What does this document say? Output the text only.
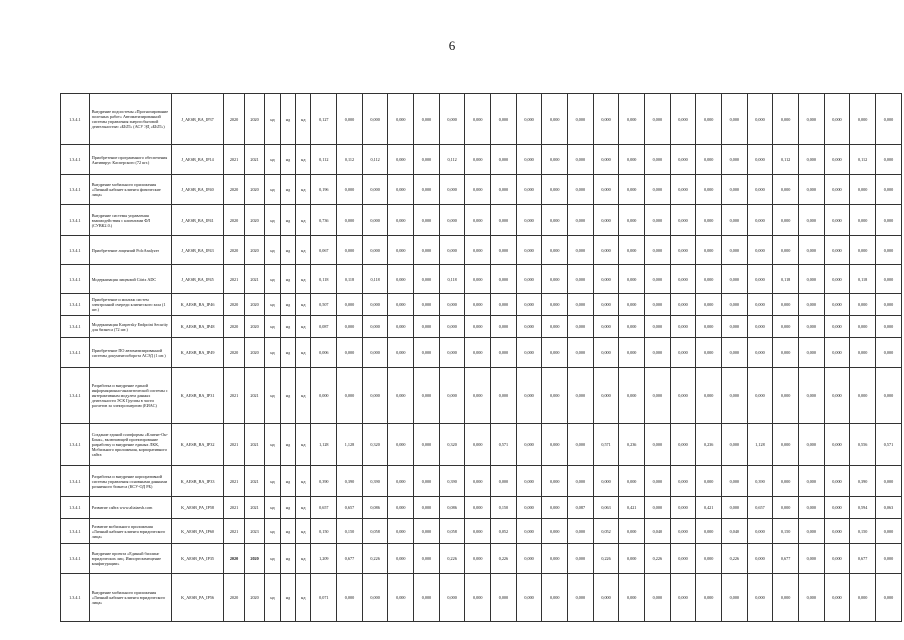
6
1.3.4.1	Внедрение подсистемы «Прогнозирование полезных работ» Автоматизированной системы управления энергосбытовой деятельностью «БЫТ» (АСУ ЭД «БЫТ»)	J_AESB_BA_IP37	2020	2020	нд	нд	нд	0,127	0,000	0,000	0,000	0,000	0,000	0,000	0,000	0,000	0,000	0,000	0,000	0,000	0,000	0,000	0,000	0,000	0,000	0,000	0,000	0,000	0,000	0,000
1.3.4.1	Приобретение программного обеспечения Антивирус Касперского (72 шт.)	J_AESB_BA_IP14	2021	2021	нд	нд	нд	0,112	0,112	0,112	0,000	0,000	0,112	0,000	0,000	0,000	0,000	0,000	0,000	0,000	0,000	0,000	0,000	0,000	0,000	0,112	0,000	0,000	0,112	0,000
1.3.4.1	Внедрение мобильного приложения «Личный кабинет клиента физические лица»	J_AESB_BA_IP40	2020	2020	нд	нд	нд	0,196	0,000	0,000	0,000	0,000	0,000	0,000	0,000	0,000	0,000	0,000	0,000	0,000	0,000	0,000	0,000	0,000	0,000	0,000	0,000	0,000	0,000	0,000
1.3.4.1	Внедрение системы управления взаимодействия с клиентами ФЛ (СУВК2.0.)	J_AESB_BA_IP41	2020	2020	нд	нд	нд	0,736	0,000	0,000	0,000	0,000	0,000	0,000	0,000	0,000	0,000	0,000	0,000	0,000	0,000	0,000	0,000	0,000	0,000	0,000	0,000	0,000	0,000	0,000
1.3.4.1	Приобретение лицензий PolcAnalyzer	J_AESB_BA_IP43	2020	2020	нд	нд	нд	0,067	0,000	0,000	0,000	0,000	0,000	0,000	0,000	0,000	0,000	0,000	0,000	0,000	0,000	0,000	0,000	0,000	0,000	0,000	0,000	0,000	0,000	0,000
1.3.4.1	Модернизация лицензий Citrix ADC	J_AESB_BA_IP45	2021	2021	нд	нд	нд	0,118	0,118	0,118	0,000	0,000	0,118	0,000	0,000	0,000	0,000	0,000	0,000	0,000	0,000	0,000	0,000	0,000	0,000	0,118	0,000	0,000	0,118	0,000
1.3.4.1	Приобретение и монтаж систем электронной очереди клиентского зала (1 шт.)	K_AESB_BA_IP46	2020	2020	нд	нд	нд	0,507	0,000	0,000	0,000	0,000	0,000	0,000	0,000	0,000	0,000	0,000	0,000	0,000	0,000	0,000	0,000	0,000	0,000	0,000	0,000	0,000	0,000	0,000
1.3.4.1	Модернизация Kaspersky Endpoint Security для бизнеса (72 шт.)	K_AESB_BA_IP48	2020	2020	нд	нд	нд	0,087	0,000	0,000	0,000	0,000	0,000	0,000	0,000	0,000	0,000	0,000	0,000	0,000	0,000	0,000	0,000	0,000	0,000	0,000	0,000	0,000	0,000	0,000
1.3.4.1	Приобретение ПО автоматизированной системы документооборота АСЭД (1 шт.)	K_AESB_BA_IP49	2020	2020	нд	нд	нд	0,006	0,000	0,000	0,000	0,000	0,000	0,000	0,000	0,000	0,000	0,000	0,000	0,000	0,000	0,000	0,000	0,000	0,000	0,000	0,000	0,000	0,000	0,000
1.3.4.1	Разработка и внедрение единой информационно-аналитической системы с интерактивным модулем данных деятельности ЭСК Группы в части расчетов за электроэнергию (ЕИАС)	K_AESB_BA_IP31	2021	2021	нд	нд	нд	0,000	0,000	0,000	0,000	0,000	0,000	0,000	0,000	0,000	0,000	0,000	0,000	0,000	0,000	0,000	0,000	0,000	0,000	0,000	0,000	0,000	0,000	0,000
1.3.4.1	Создание единой платформы «Клиент-Он-Бонк», включающей проектирование разработку и внедрение единых ЛКК, Мобильного приложения, корпоративного сайта	K_AESB_BA_IP32	2021	2021	нд	нд	нд	1,128	1,128	0,320	0,000	0,000	0,320	0,000	0,571	0,000	0,000	0,000	0,571	0,236	0,000	0,000	0,236	0,000	1,128	0,000	0,000	0,000	0,556	0,571
1.3.4.1	Разработка и внедрение корпоративной системы управления основными данными розничного бизнеса (КСУ-ОД РБ)	K_AESB_BA_IP33	2021	2021	нд	нд	нд	0,390	0,390	0,390	0,000	0,000	0,390	0,000	0,000	0,000	0,000	0,000	0,000	0,000	0,000	0,000	0,000	0,000	0,390	0,000	0,000	0,000	0,390	0,000
1.3.4.1	Развитие сайта www.altaiaesb.com	K_AESB_PA_IP58	2021	2021	нд	нд	нд	0,657	0,657	0,086	0,000	0,000	0,086	0,000	0,150	0,000	0,000	0,087	0,063	0,421	0,000	0,000	0,421	0,000	0,657	0,000	0,000	0,000	0,594	0,063
1.3.4.1	Развитие мобильного приложения «Личный кабинет клиента юридического лица»	K_AESB_PA_IP60	2021	2023	нд	нд	нд	0,150	0,150	0,058	0,000	0,000	0,058	0,000	0,052	0,000	0,000	0,000	0,052	0,000	0,040	0,000	0,000	0,040	0,000	0,150	0,000	0,000	0,150	0,000
1.3.4.1	Внедрение проекта «Единый биллинг юридических лиц. Импортозамещение конфигурации»	K_AESB_PA_IP35	2020	2020	нд	нд	нд	1,209	0,677	0,226	0,000	0,000	0,226	0,000	0,226	0,000	0,000	0,000	0,226	0,000	0,226	0,000	0,000	0,226	0,000	0,677	0,000	0,000	0,677	0,000
1.3.4.1	Внедрение мобильного приложения «Личный кабинет клиента юридического лица»	K_AESB_PA_IP56	2020	2020	нд	нд	нд	0,071	0,000	0,000	0,000	0,000	0,000	0,000	0,000	0,000	0,000	0,000	0,000	0,000	0,000	0,000	0,000	0,000	0,000	0,000	0,000	0,000	0,000	0,000
